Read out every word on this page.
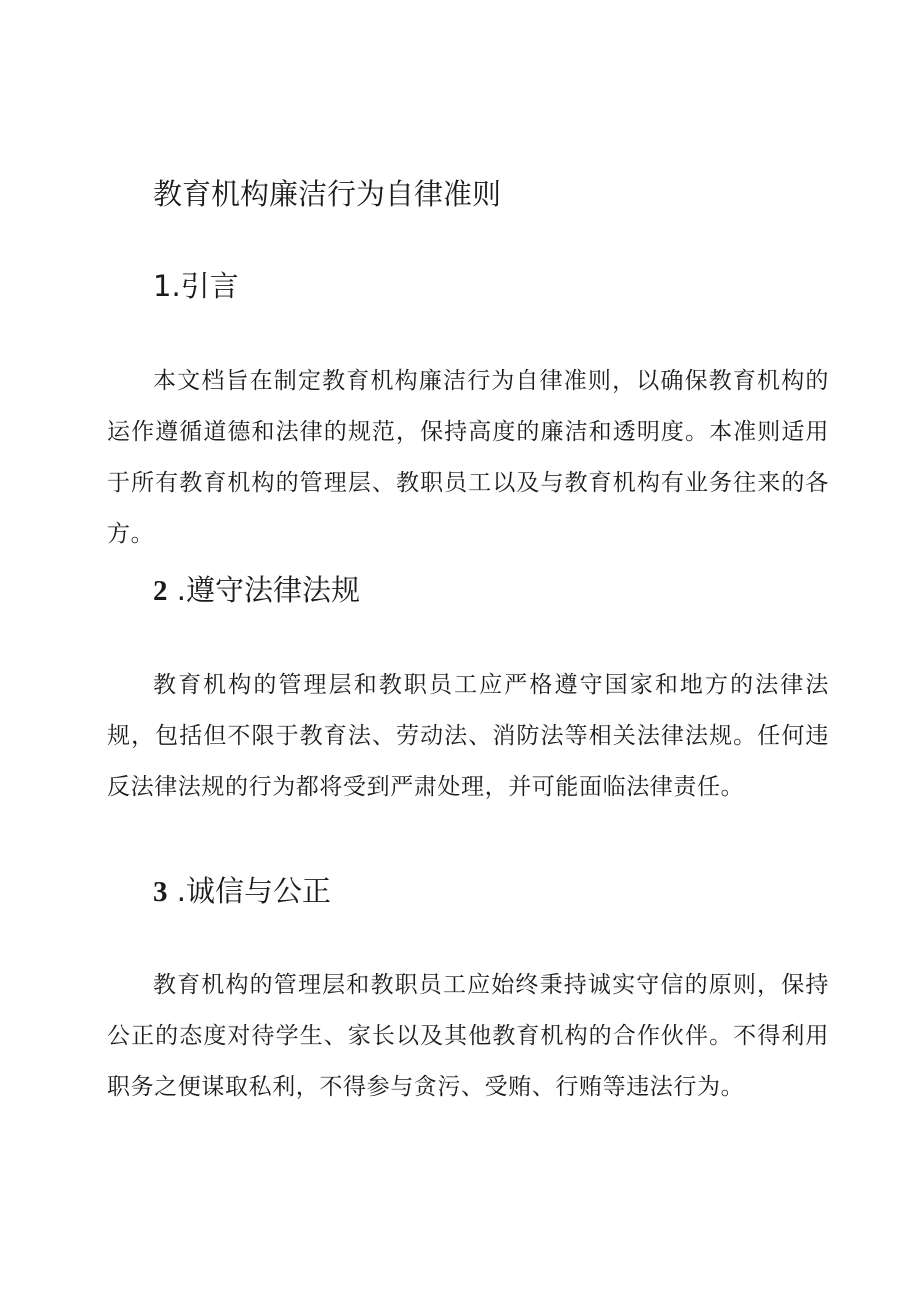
教育机构廉洁行为自律准则
1.引言

本文档旨在制定教育机构廉洁行为自律准则，以确保教育机构的运作遵循道德和法律的规范，保持高度的廉洁和透明度。本准则适用于所有教育机构的管理层、教职员工以及与教育机构有业务往来的各方。

2 .遵守法律法规

教育机构的管理层和教职员工应严格遵守国家和地方的法律法规，包括但不限于教育法、劳动法、消防法等相关法律法规。任何违反法律法规的行为都将受到严肃处理，并可能面临法律责任。

3 .诚信与公正

教育机构的管理层和教职员工应始终秉持诚实守信的原则，保持公正的态度对待学生、家长以及其他教育机构的合作伙伴。不得利用职务之便谋取私利，不得参与贪污、受贿、行贿等违法行为。
